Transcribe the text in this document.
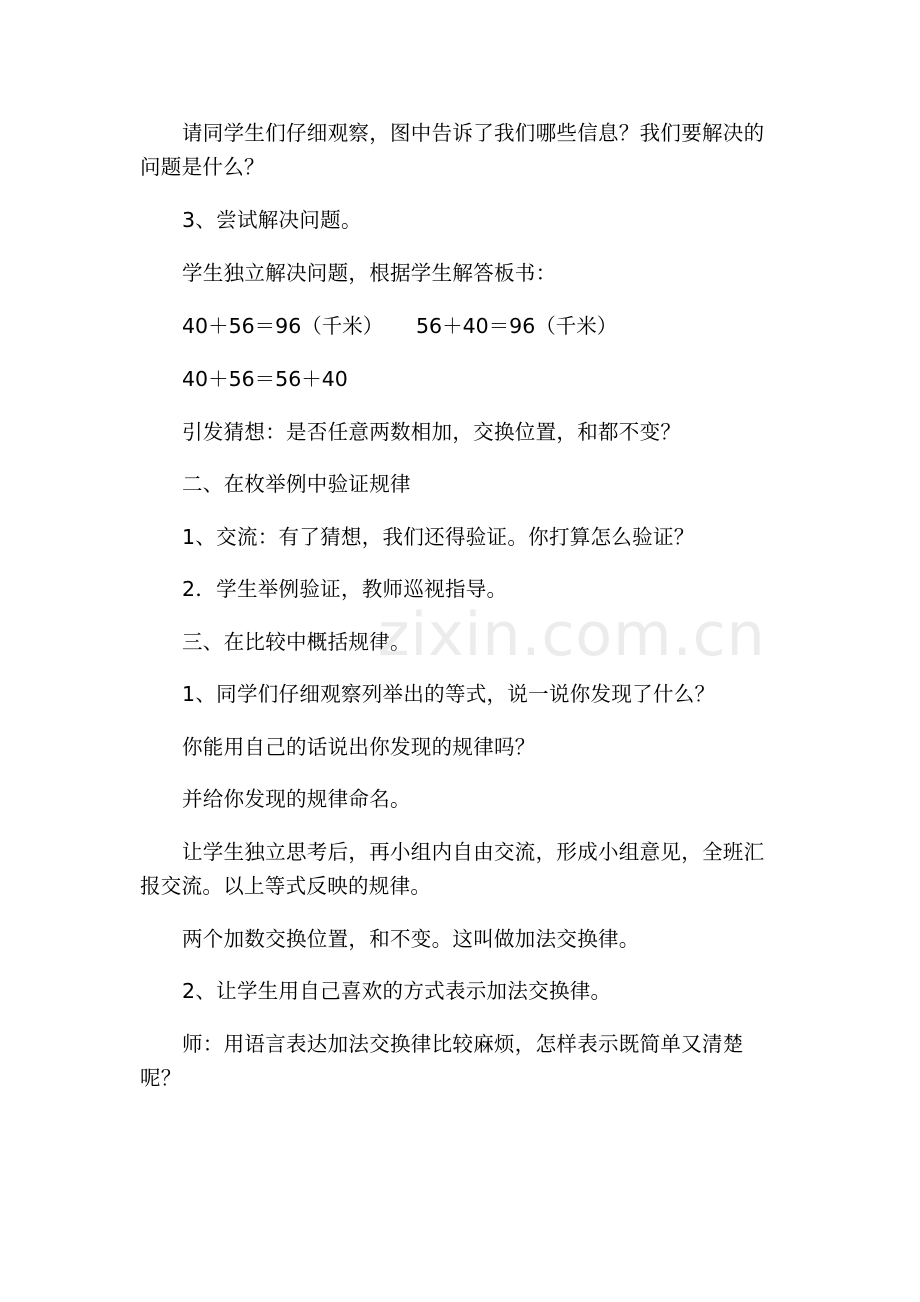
请同学生们仔细观察，图中告诉了我们哪些信息？我们要解决的问题是什么？

3、尝试解决问题。

学生独立解决问题，根据学生解答板书：

40＋56＝96（千米） 56＋40＝96（千米）
40＋56＝56＋40

引发猜想：是否任意两数相加，交换位置，和都不变？

二、在枚举例中验证规律

1、交流：有了猜想，我们还得验证。你打算怎么验证？

2．学生举例验证，教师巡视指导。

三、在比较中概括规律。

1、同学们仔细观察列举出的等式，说一说你发现了什么？

你能用自己的话说出你发现的规律吗？

并给你发现的规律命名。

让学生独立思考后，再小组内自由交流，形成小组意见，全班汇报交流。以上等式反映的规律。

两个加数交换位置，和不变。这叫做加法交换律。

2、让学生用自己喜欢的方式表示加法交换律。

师：用语言表达加法交换律比较麻烦，怎样表示既简单又清楚呢？

zixin.com.cn
